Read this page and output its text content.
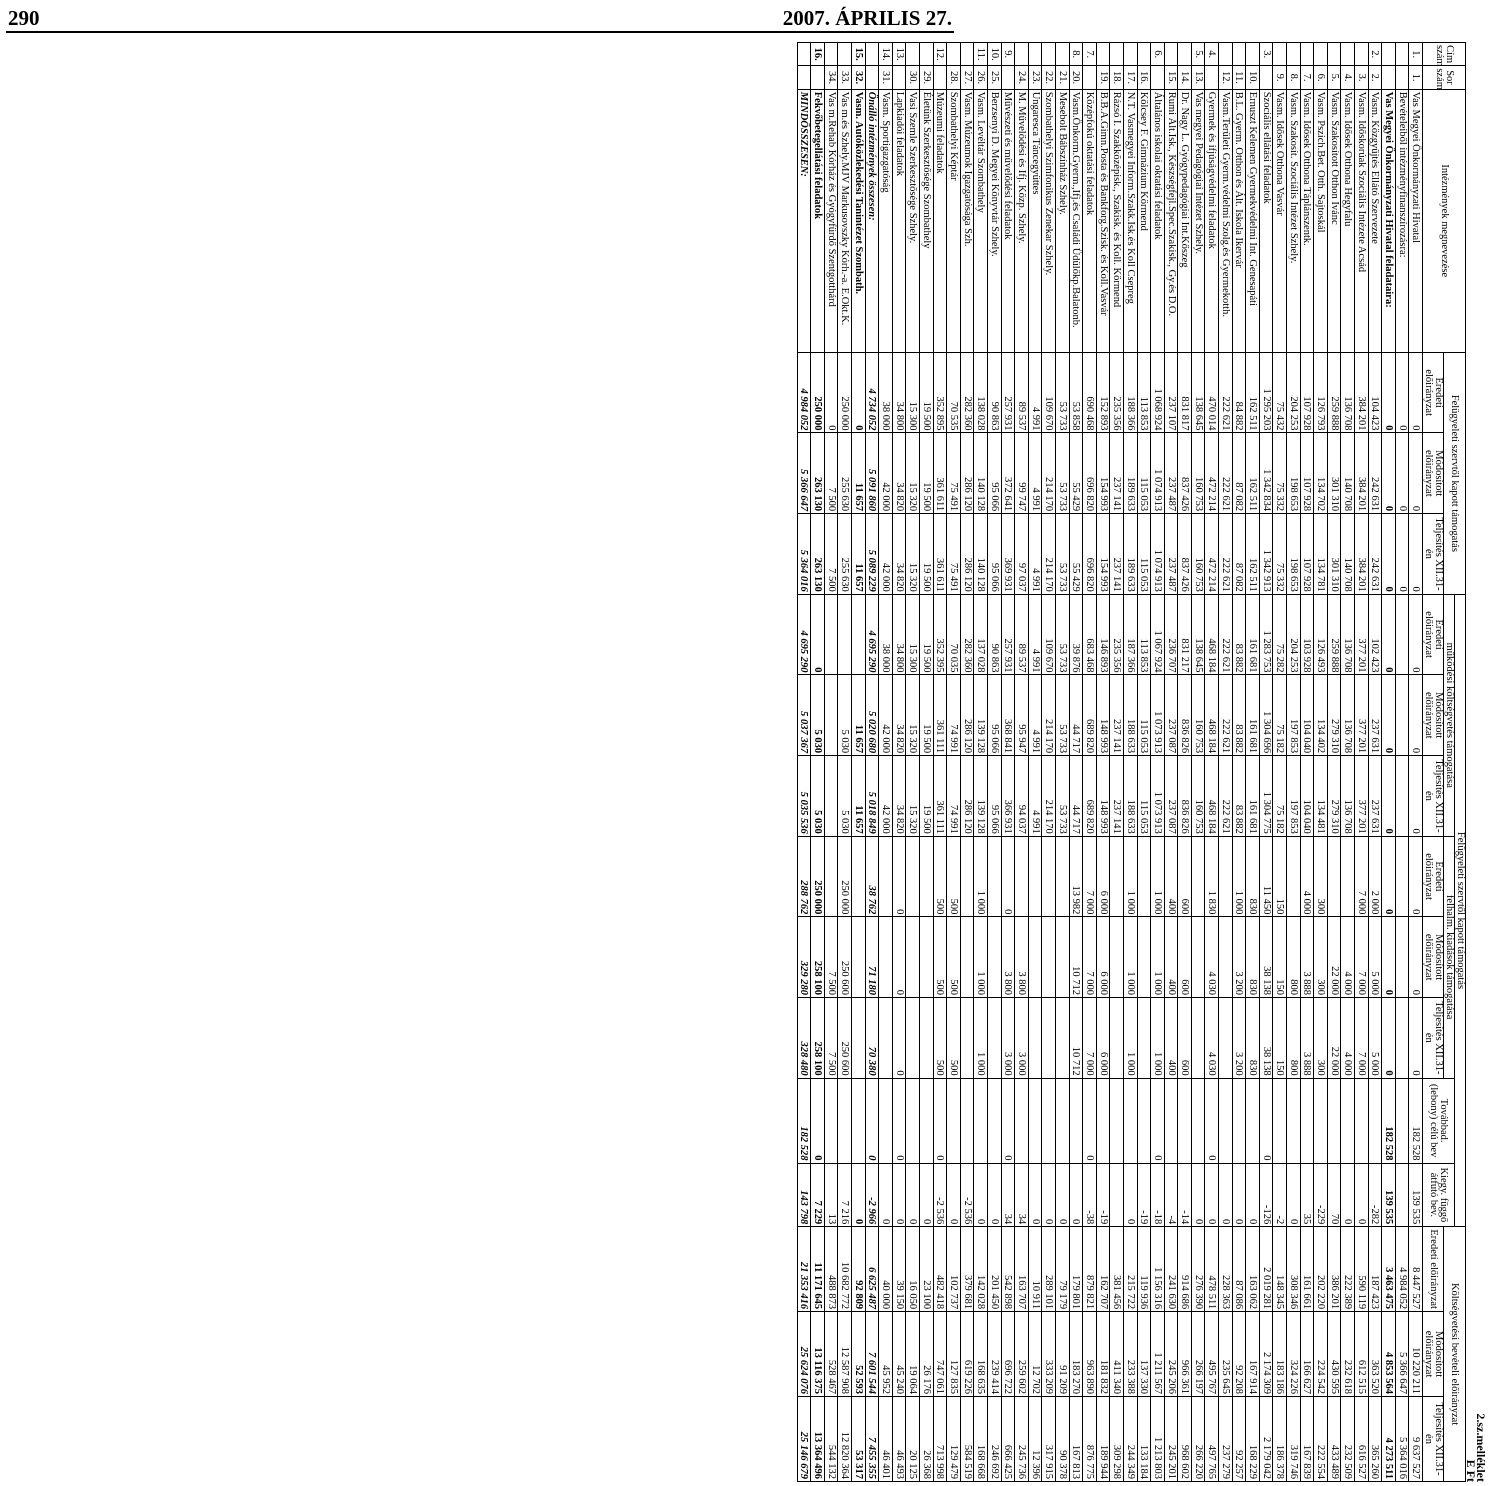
290	2007. ÁPRILIS 27.
2.sz.melléklet
E Ft
Cím
szám	Sor
szám	Intézmények megnevezése	Felügyeleti szervtől kapott támogatás			Felügyeleti szervtől kapott támogatás								Költségvetési bevételi előirányzat		
						működési költségvetés támogatása			felhalm. kiadások támogatása			Továbbad. (lebony) célú bev	Kiegy. függő átfutó bev.			
			Eredeti előirányzat	Módosított előirányzat	Teljesítés XII.31-én	Eredeti előirányzat	Módosított előirányzat	Teljesítés XII.31-én	Eredeti előirányzat	Módosított előirányzat	Teljesítés XII.31-én			Eredeti előirányzat	Módosított előirányzat	Teljesítés XII.31-én
1.	1.	Vas Megyei Önkormányzati Hivatal	0	0	0	0	0	0	0	0	0	182 528	139 535	8 447 527	10 220 211	9 637 527
		Bevételeiből intézményfinanszírozásra:	0	0	0									4 984 052	5 366 647	5 364 016
		Vas Megyei Önkormányzati Hivatal feladataira:	0	0	0	0	0	0	0	0	0	182 528	139 535	3 463 475	4 853 564	4 273 511
2.	2.	Vasm. Közgyűjtés Ellátó Szervezete	104 423	242 631	242 631	102 423	237 631	237 631	2 000	5 000	5 000		-282	187 423	363 520	365 260
	3.	Vasm. Időskorúak Szociális Intézete Acsád	384 201	384 201	384 201	377 201	377 201	377 201	7 000	7 000	7 000		0	590 119	612 515	616 527
	4.	Vasm. Idősek Otthona Hegyfalu	136 708	140 708	140 708	136 708	136 708	136 708		4 000	4 000		0	222 389	232 618	232 509
	5.	Vasm. Szakosított Otthon Ivánc	259 888	301 310	301 310	259 888	279 310	279 310		22 000	22 000		70	386 201	430 595	433 489
	6.	Vasm. Pszich.Bet. Otth. Sajtoskál	126 793	134 702	134 781	126 493	134 402	134 481	300	300	300		-229	202 220	224 542	222 554
	7.	Vasm. Idősek Otthona Táplánszentk.	107 928	107 928	107 928	103 928	104 040	104 040	4 000	3 888	3 888		35	161 661	166 627	167 839
	8.	Vasm. Szakosít. Szociális Intézet Szhely.	204 253	198 653	198 653	204 253	197 853	197 853		800	800		0	308 346	324 226	319 746
	9.	Vasm. Idősek Otthona Vasvár	75 432	75 332	75 332	75 282	75 182	75 182	150	150	150		-2	148 345	183 186	186 378
3.		Szociális ellátási feladatok	1 295 203	1 342 834	1 342 913	1 283 753	1 304 696	1 304 775	11 450	38 138	38 138	0	-126	2 019 281	2 174 309	2 179 042
	10.	Ernuszt Kelemen Gyermekvédelmi Int. Genesapáti	162 511	162 511	162 511	161 681	161 681	161 681	830	830	830		0	163 062	167 914	168 229
	11.	B.L. Gyerm. Otthon és Ált. Iskola Ikervár	84 882	87 082	87 082	83 882	83 882	83 882	1 000	3 200	3 200		0	87 086	92 208	92 257
	12.	Vasm.Területi Gyerm.védelmi Szolg.és Gyermekotth.	222 621	222 621	222 621	222 621	222 621	222 621					0	228 363	235 645	237 279
4.		Gyermek és ifjúságvédelmi feladatok	470 014	472 214	472 214	468 184	468 184	468 184	1 830	4 030	4 030	0	0	478 511	495 767	497 765
5.	13.	Vas megyei Pedagógiai Intézet Szhely.	138 645	160 753	160 753	138 645	160 753	160 753					0	276 390	266 197	266 220
	14.	Dr. Nagy L. Gyógypedagógiai Int.Kőszeg	831 817	837 426	837 426	831 217	836 826	836 826	600	600	600		-14	914 686	966 361	968 602
	15.	Rumi Ált.Isk., Készségfejl.Spec.Szakisk., Gy.és D.O.	237 107	237 487	237 487	236 707	237 087	237 087	400	400	400		-4	241 630	245 206	245 201
6.		Általános iskolai oktatási feladatok	1 068 924	1 074 913	1 074 913	1 067 924	1 073 913	1 073 913	1 000	1 000	1 000	0	-18	1 156 316	1 211 567	1 213 803
	16.	Kölcsey F. Gimnázium Körmend	113 853	115 053	115 053	113 853	115 053	115 053					-19	119 936	137 330	133 184
	17.	N.T. Vasmegyei Inform.Szakk.Isk.és Koll Csepreg	188 366	189 633	189 633	187 366	188 633	188 633	1 000	1 000	1 000		0	215 722	233 388	244 349
	18.	Rázsó I. Szakközépisk., Szakisk. és Koll. Körmend	235 356	237 141	237 141	235 356	237 141	237 141						381 456	411 340	309 298
	19.	B.B.A.Gimn.Posta és Bankforg.Szisk. és Koll.Vasvár	152 893	154 993	154 993	146 893	148 993	148 993	6 000	6 000	6 000		-19	162 707	181 832	189 944
7.		Középfokú oktatási feladatok	690 468	696 820	696 820	683 468	689 820	689 820	7 000	7 000	7 000	0	-38	879 821	963 890	876 775
8.	20.	Vasm.Önkorm.Gyerm.,Ifj.és Családi Üdülőkp.Balatonb.	53 858	55 429	55 429	39 876	44 717	44 717	13 982	10 712	10 712		0	179 801	183 270	167 813
	21.	Mesebolt Bábszínház Szhely.	53 733	53 733	53 733	53 733	53 733	53 733					0	79 179	91 209	90 378
	22.	Szombathelyi Szimfonikus Zenekar Szhely.	109 670	214 170	214 170	109 670	214 170	214 170					0	289 101	333 209	317 915
	23.	Ungaresca Táncegyüttes	4 991	4 991	4 991	4 991	4 991	4 991					0	10 911	12 702	12 396
	24.	M. Művelődési és Ifj. Közp. Szhely.	89 537	99 747	97 037	89 537	95 947	94 037		3 800	3 000		34	163 707	259 602	245 736
9.		Művészeti és művelődési feladatok	257 931	372 641	369 931	257 931	368 841	366 931	0	3 800	3 000	0	34	542 898	696 722	666 425
10.	25.	Berzsenyi D. Megyei Könyvtár Szhely.	90 863	95 066	95 066	90 863	95 066	95 066					0	201 450	239 414	246 692
11.	26.	Vasm. Levéltár Szombathely	138 028	140 128	140 128	137 028	139 128	139 128	1 000	1 000	1 000		0	142 028	168 635	168 668
	27.	Vasm. Múzeumok Igazgatósága Szh.	282 360	286 120	286 120	282 360	286 120	286 120					-2 536	379 681	619 226	584 519
	28.	Szombathelyi Képtár	70 535	75 491	75 491	70 035	74 991	74 991	500	500	500		0	102 737	127 835	129 479
12.		Múzeumi feladatok	352 895	361 611	361 611	352 395	361 111	361 111	500	500	500	0	-2 536	482 418	747 061	713 998
	29.	Életünk Szerkesztősége Szombathely	19 500	19 500	19 500	19 500	19 500	19 500					0	23 100	26 176	26 368
	30.	Vasi Szemle Szerkesztősége Szhely.	15 300	15 320	15 320	15 300	15 320	15 320					0	16 050	19 064	20 125
13.		Lapkiadói feladatok	34 800	34 820	34 820	34 800	34 820	34 820	0	0	0	0	0	39 150	45 240	46 493
14.	31.	Vasm. Sportigazgatóság	38 000	42 000	42 000	38 000	42 000	42 000					0	40 000	45 952	46 401
		Önálló intézmények összesen:	4 734 052	5 091 860	5 089 229	4 695 290	5 020 680	5 018 849	38 762	71 180	70 380	0	-2 966	6 625 487	7 601 544	7 455 355
15.	32.	Vasm. Autóközlekedési Tanintézet Szombath.	0	11 657	11 657		11 657	11 657					0	92 809	52 593	53 317
	33.	Vas m.és Szhely.MJV Markusovszky Kórh.-a. E.Okt.K.	250 000	255 630	255 630		5 030	5 030	250 000	250 600	250 600		7 216	10 682 772	12 587 908	12 820 364
	34.	Vas m.Rehab Kórház és Gyógyfürdő Szentgotthárd	0	7 500	7 500					7 500	7 500		13	488 873	528 467	544 132
16.		Fekvőbetegellátási feladatok	250 000	263 130	263 130	0	5 030	5 030	250 000	258 100	258 100	0	7 229	11 171 645	13 116 375	13 364 496
		MINDÖSSZESEN:	4 984 052	5 366 647	5 364 016	4 695 290	5 037 367	5 035 536	288 762	329 280	328 480	182 528	143 798	21 353 416	25 624 076	25 146 679
